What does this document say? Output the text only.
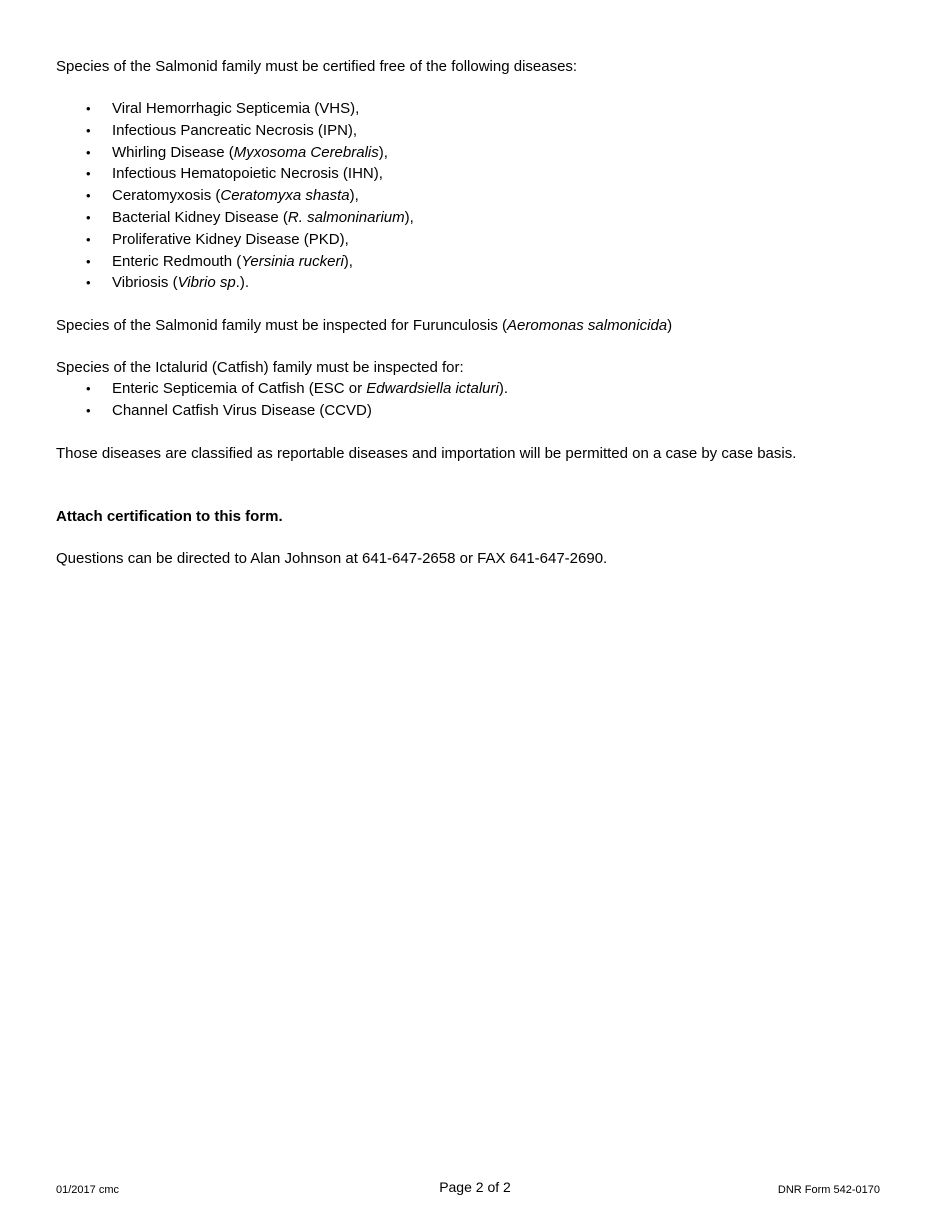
Species of the Salmonid family must be certified free of the following diseases:

• Viral Hemorrhagic Septicemia (VHS),
• Infectious Pancreatic Necrosis (IPN),
• Whirling Disease (Myxosoma Cerebralis),
• Infectious Hematopoietic Necrosis (IHN),
• Ceratomyxosis (Ceratomyxa shasta),
• Bacterial Kidney Disease (R. salmoninarium),
• Proliferative Kidney Disease (PKD),
• Enteric Redmouth (Yersinia ruckeri),
• Vibriosis (Vibrio sp.).

Species of the Salmonid family must be inspected for Furunculosis (Aeromonas salmonicida)

Species of the Ictalurid (Catfish) family must be inspected for:

• Enteric Septicemia of Catfish (ESC or Edwardsiella ictaluri).
• Channel Catfish Virus Disease (CCVD)

Those diseases are classified as reportable diseases and importation will be permitted on a case by case basis.

Attach certification to this form.

Questions can be directed to Alan Johnson at 641-647-2658 or FAX 641-647-2690.

01/2017 cmc	Page 2 of 2	DNR Form 542-0170
